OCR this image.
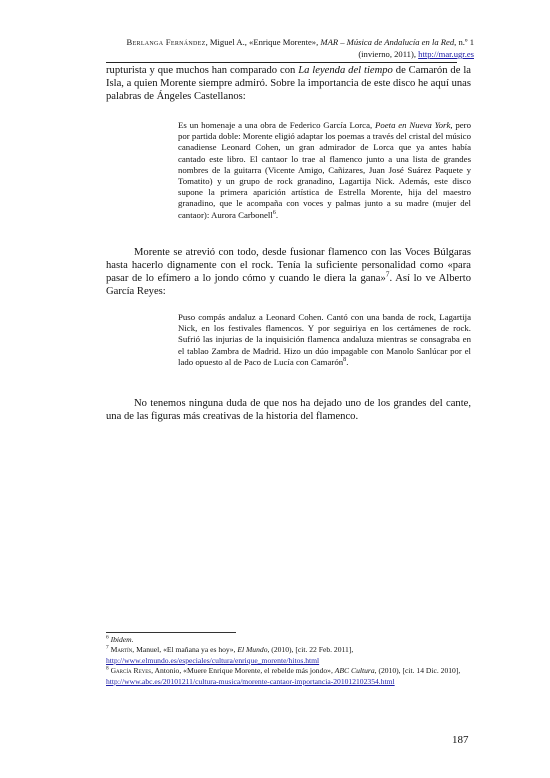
Berlanga Fernández, Miguel A., «Enrique Morente», MAR – Música de Andalucía en la Red, n.º 1
(invierno, 2011), http://mar.ugr.es
rupturista y que muchos han comparado con La leyenda del tiempo de Camarón de la Isla, a quien Morente siempre admiró. Sobre la importancia de este disco he aquí unas palabras de Ángeles Castellanos:
Es un homenaje a una obra de Federico García Lorca, Poeta en Nueva York, pero por partida doble: Morente eligió adaptar los poemas a través del cristal del músico canadiense Leonard Cohen, un gran admirador de Lorca que ya antes había cantado este libro. El cantaor lo trae al flamenco junto a una lista de grandes nombres de la guitarra (Vicente Amigo, Cañizares, Juan José Suárez Paquete y Tomatito) y un grupo de rock granadino, Lagartija Nick. Además, este disco supone la primera aparición artística de Estrella Morente, hija del maestro granadino, que le acompaña con voces y palmas junto a su madre (mujer del cantaor): Aurora Carbonell$^6$.
Morente se atrevió con todo, desde fusionar flamenco con las Voces Búlgaras hasta hacerlo dignamente con el rock. Tenía la suficiente personalidad como «para pasar de lo efímero a lo jondo cómo y cuando le diera la gana»$^7$. Así lo ve Alberto García Reyes:
Puso compás andaluz a Leonard Cohen. Cantó con una banda de rock, Lagartija Nick, en los festivales flamencos. Y por seguiriya en los certámenes de rock. Sufrió las injurias de la inquisición flamenca andaluza mientras se consagraba en el tablao Zambra de Madrid. Hizo un dúo impagable con Manolo Sanlúcar por el lado opuesto al de Paco de Lucía con Camarón$^8$.
No tenemos ninguna duda de que nos ha dejado uno de los grandes del cante, una de las figuras más creativas de la historia del flamenco.

$^6$ Ibidem.

$^7$ Martín, Manuel, «El mañana ya es hoy», El Mundo, (2010), [cit. 22 Feb. 2011],
http://www.elmundo.es/especiales/cultura/enrique_morente/hitos.html

$^8$ García Reyes, Antonio, «Muere Enrique Morente, el rebelde más jondo», ABC Cultura, (2010), [cit. 14 Dic. 2010],
http://www.abc.es/20101211/cultura-musica/morente-cantaor-importancia-201012102354.html

187
